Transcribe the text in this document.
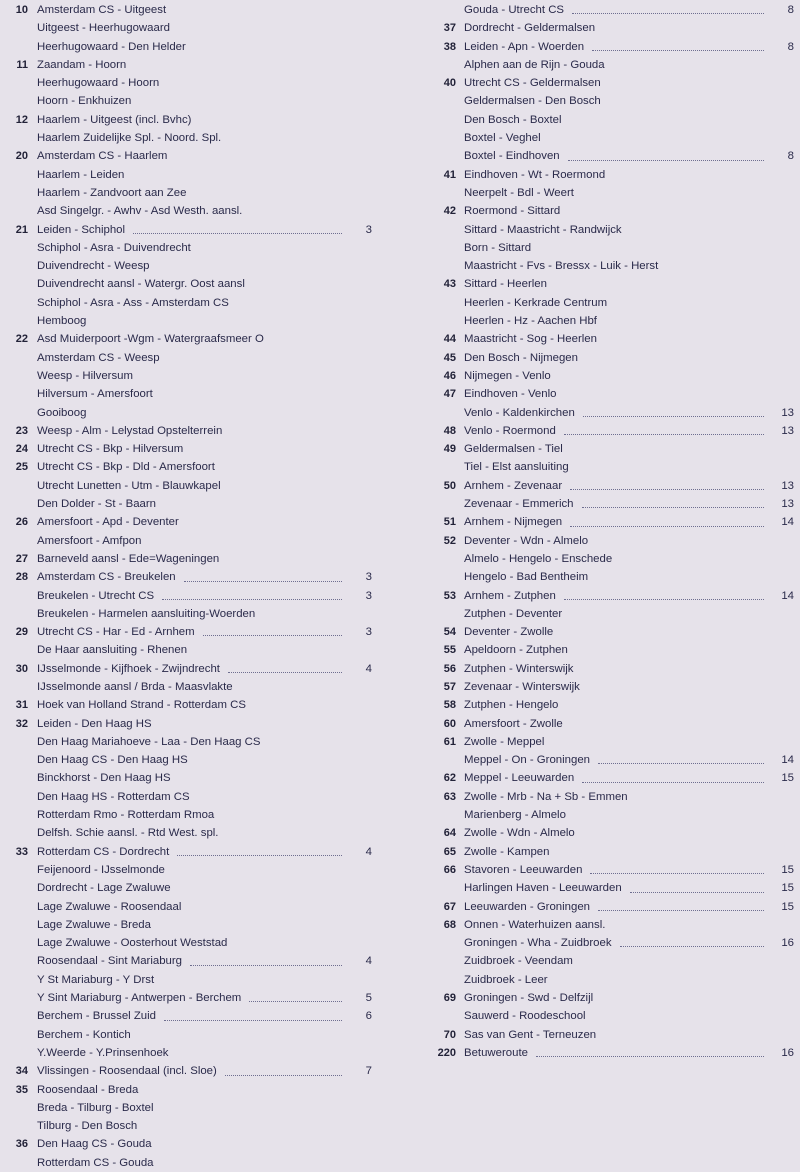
10 Amsterdam CS - Uitgeest
Uitgeest - Heerhugowaard
Heerhugowaard - Den Helder
11 Zaandam - Hoorn
Heerhugowaard - Hoorn
Hoorn - Enkhuizen
12 Haarlem - Uitgeest (incl. Bvhc)
Haarlem Zuidelijke Spl. - Noord. Spl.
20 Amsterdam CS - Haarlem
Haarlem - Leiden
Haarlem - Zandvoort aan Zee
Asd Singelgr. - Awhv - Asd Westh. aansl.
21 Leiden - Schiphol	3
Schiphol - Asra - Duivendrecht
Duivendrecht - Weesp
Duivendrecht aansl - Watergr. Oost aansl
Schiphol - Asra - Ass - Amsterdam CS
Hemboog
22 Asd Muiderpoort -Wgm - Watergraafsmeer O
Amsterdam CS - Weesp
Weesp - Hilversum
Hilversum - Amersfoort
Gooiboog
23 Weesp - Alm - Lelystad Opstelterrein
24 Utrecht CS - Bkp - Hilversum
25 Utrecht CS - Bkp - Dld - Amersfoort
Utrecht Lunetten - Utm - Blauwkapel
Den Dolder - St - Baarn
26 Amersfoort - Apd - Deventer
Amersfoort - Amfpon
27 Barneveld aansl - Ede=Wageningen
28 Amsterdam CS - Breukelen	3
Breukelen - Utrecht CS	3
Breukelen - Harmelen aansluiting-Woerden
29 Utrecht CS - Har - Ed - Arnhem	3
De Haar aansluiting - Rhenen
30 IJsselmonde - Kijfhoek - Zwijndrecht	4
IJsselmonde aansl / Brda - Maasvlakte
31 Hoek van Holland Strand - Rotterdam CS
32 Leiden - Den Haag HS
Den Haag Mariahoeve - Laa - Den Haag CS
Den Haag CS - Den Haag HS
Binckhorst - Den Haag HS
Den Haag HS - Rotterdam CS
Rotterdam Rmo - Rotterdam Rmoa
Delfsh. Schie aansl. - Rtd West. spl.
33 Rotterdam CS - Dordrecht	4
Feijenoord - IJsselmonde
Dordrecht - Lage Zwaluwe
Lage Zwaluwe - Roosendaal
Lage Zwaluwe - Breda
Lage Zwaluwe - Oosterhout Weststad
Roosendaal - Sint Mariaburg	4
Y St Mariaburg - Y Drst
Y Sint Mariaburg - Antwerpen - Berchem	5
Berchem - Brussel Zuid	6
Berchem - Kontich
Y.Weerde - Y.Prinsenhoek
34 Vlissingen - Roosendaal (incl. Sloe)	7
35 Roosendaal - Breda
Breda - Tilburg - Boxtel
Tilburg - Den Bosch
36 Den Haag CS - Gouda
Rotterdam CS - Gouda
Gouda - Utrecht CS	8
37 Dordrecht - Geldermalsen
38 Leiden - Apn - Woerden	8
Alphen aan de Rijn - Gouda
40 Utrecht CS - Geldermalsen
Geldermalsen - Den Bosch
Den Bosch - Boxtel
Boxtel - Veghel
Boxtel - Eindhoven	8
41 Eindhoven - Wt - Roermond
Neerpelt - Bdl - Weert
42 Roermond - Sittard
Sittard - Maastricht - Randwijck
Born - Sittard
Maastricht - Fvs - Bressx - Luik - Herst
43 Sittard - Heerlen
Heerlen - Kerkrade Centrum
Heerlen - Hz - Aachen Hbf
44 Maastricht - Sog - Heerlen
45 Den Bosch - Nijmegen
46 Nijmegen - Venlo
47 Eindhoven - Venlo
Venlo - Kaldenkirchen	13
48 Venlo - Roermond	13
49 Geldermalsen - Tiel
Tiel - Elst aansluiting
50 Arnhem - Zevenaar	13
Zevenaar - Emmerich	13
51 Arnhem - Nijmegen	14
52 Deventer - Wdn - Almelo
Almelo - Hengelo - Enschede
Hengelo - Bad Bentheim
53 Arnhem - Zutphen	14
Zutphen - Deventer
54 Deventer - Zwolle
55 Apeldoorn - Zutphen
56 Zutphen - Winterswijk
57 Zevenaar - Winterswijk
58 Zutphen - Hengelo
60 Amersfoort - Zwolle
61 Zwolle - Meppel
Meppel - On - Groningen	14
62 Meppel - Leeuwarden	15
63 Zwolle - Mrb - Na + Sb - Emmen
Marienberg - Almelo
64 Zwolle - Wdn - Almelo
65 Zwolle - Kampen
66 Stavoren - Leeuwarden	15
Harlingen Haven - Leeuwarden	15
67 Leeuwarden - Groningen	15
68 Onnen - Waterhuizen aansl.
Groningen - Wha - Zuidbroek	16
Zuidbroek - Veendam
Zuidbroek - Leer
69 Groningen - Swd - Delfzijl
Sauwerd - Roodeschool
70 Sas van Gent - Terneuzen
220 Betuweroute	16
